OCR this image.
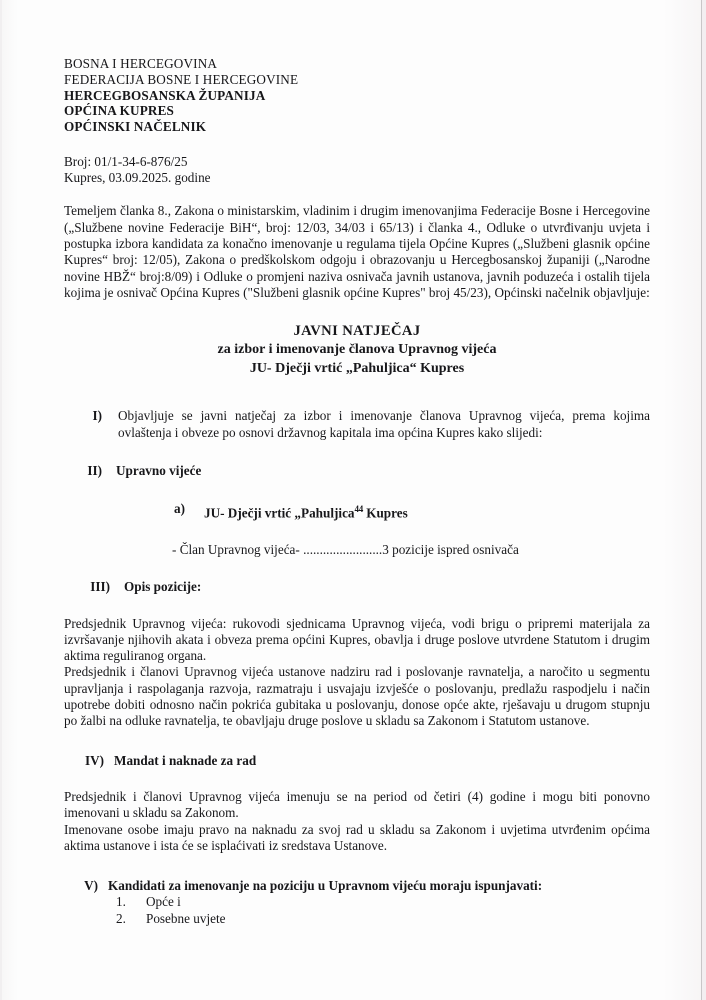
BOSNA I HERCEGOVINA
FEDERACIJA BOSNE I HERCEGOVINE
HERCEGBOSANSKA ŽUPANIJA
OPĆINA KUPRES
OPĆINSKI NAČELNIK
Broj: 01/1-34-6-876/25
Kupres, 03.09.2025. godine
Temeljem članka 8., Zakona o ministarskim, vladinim i drugim imenovanjima Federacije Bosne i Hercegovine („Službene novine Federacije BiH“, broj: 12/03, 34/03 i 65/13) i članka 4., Odluke o utvrđivanju uvjeta i postupka izbora kandidata za konačno imenovanje u regulama tijela Općine Kupres („Službeni glasnik općine Kupres“ broj: 12/05), Zakona o predškolskom odgoju i obrazovanju u Hercegbosanskoj županiji („Narodne novine HBŽ“ broj:8/09) i Odluke o promjeni naziva osnivača javnih ustanova, javnih poduzeća i ostalih tijela kojima je osnivač Općina Kupres ("Službeni glasnik općine Kupres" broj 45/23), Općinski načelnik objavljuje:
JAVNI NATJEČAJ
za izbor i imenovanje članova Upravnog vijeća
JU- Dječji vrtić „Pahuljica“ Kupres
I)	Objavljuje se javni natječaj za izbor i imenovanje članova Upravnog vijeća, prema kojima ovlaštenja i obveze po osnovi državnog kapitala ima općina Kupres kako slijedi:
II)	Upravno vijeće
a)	JU- Dječji vrtić „Pahuljica$^{44}$ Kupres
- Član Upravnog vijeća- ........................3 pozicije ispred osnivača
III)	Opis pozicije:
Predsjednik Upravnog vijeća: rukovodi sjednicama Upravnog vijeća, vodi brigu o pripremi materijala za izvršavanje njihovih akata i obveza prema općini Kupres, obavlja i druge poslove utvrdene Statutom i drugim aktima reguliranog organa.
Predsjednik i članovi Upravnog vijeća ustanove nadziru rad i poslovanje ravnatelja, a naročito u segmentu upravljanja i raspolaganja razvoja, razmatraju i usvajaju izvješće o poslovanju, predlažu raspodjelu i način upotrebe dobiti odnosno način pokrića gubitaka u poslovanju, donose opće akte, rješavaju u drugom stupnju po žalbi na odluke ravnatelja, te obavljaju druge poslove u skladu sa Zakonom i Statutom ustanove.
IV) Mandat i naknade za rad
Predsjednik i članovi Upravnog vijeća imenuju se na period od četiri (4) godine i mogu biti ponovno imenovani u skladu sa Zakonom.
Imenovane osobe imaju pravo na naknadu za svoj rad u skladu sa Zakonom i uvjetima utvrđenim općima aktima ustanove i ista će se isplaćivati iz sredstava Ustanove.
V) Kandidati za imenovanje na poziciju u Upravnom vijeću moraju ispunjavati:
1.	Opće i
2.	Posebne uvjete
